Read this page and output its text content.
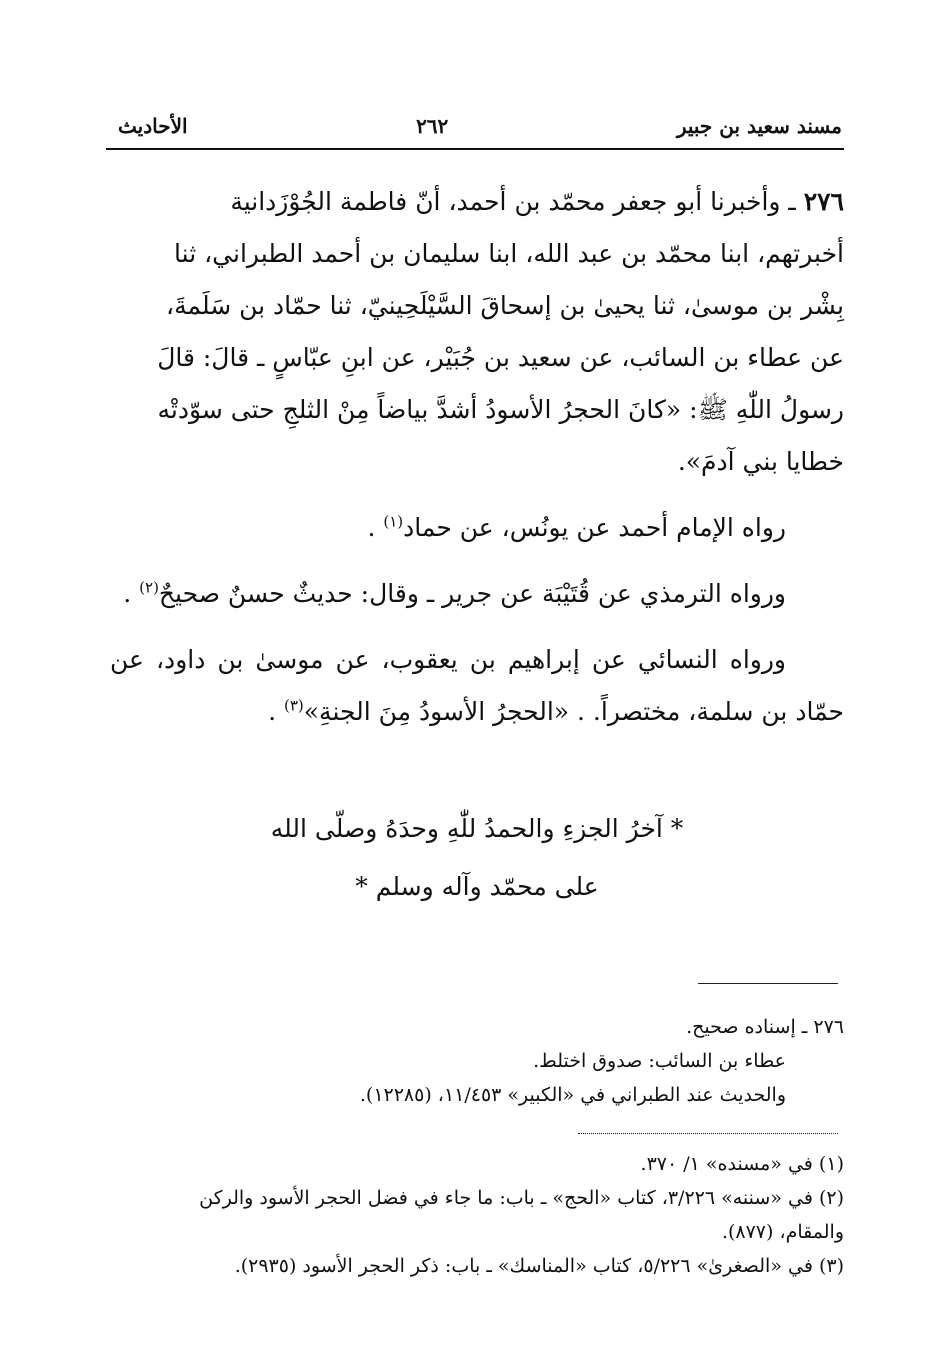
مسند سعيد بن جبير
٢٦٢
الأحاديث

٢٧٦ ـ وأخبرنا أبو جعفر محمّد بن أحمد، أنّ فاطمة الجُوْزَدانية

أخبرتهم، ابنا محمّد بن عبد الله، ابنا سليمان بن أحمد الطبراني، ثنا

بِشْر بن موسىٰ، ثنا يحيىٰ بن إسحاقَ السَّيْلَحِينيّ، ثنا حمّاد بن سَلَمةَ،

عن عطاء بن السائب، عن سعيد بن جُبَيْر، عن ابنِ عبّاسٍ ـ قالَ: قالَ

رسولُ اللّٰهِ ﷺ: «كانَ الحجرُ الأسودُ أشدَّ بياضاً مِنْ الثلجِ حتى سوّدتْه

خطايا بني آدمَ».

رواه الإمام أحمد عن يونُس، عن حماد$^{(١)}$ .

ورواه الترمذي عن قُتَيْبَة عن جرير ـ وقال: حديثٌ حسنٌ صحيحٌ$^{(٢)}$ .

ورواه النسائي عن إبراهيم بن يعقوب، عن موسىٰ بن داود، عن حمّاد بن سلمة، مختصراً. . «الحجرُ الأسودُ مِنَ الجنةِ»$^{(٣)}$ .

* آخرُ الجزءِ والحمدُ للّٰهِ وحدَهُ وصلّى الله
على محمّد وآله وسلم *
٢٧٦ ـ إسناده صحيح.
عطاء بن السائب: صدوق اختلط.
والحديث عند الطبراني في «الكبير» ١١/٤٥٣، (١٢٢٨٥).
(١) في «مسنده» ١/ ٣٧٠.
(٢) في «سننه» ٣/٢٢٦، كتاب «الحج» ـ باب: ما جاء في فضل الحجر الأسود والركن
والمقام، (٨٧٧).
(٣) في «الصغرىٰ» ٥/٢٢٦، كتاب «المناسك» ـ باب: ذكر الحجر الأسود (٢٩٣٥).
